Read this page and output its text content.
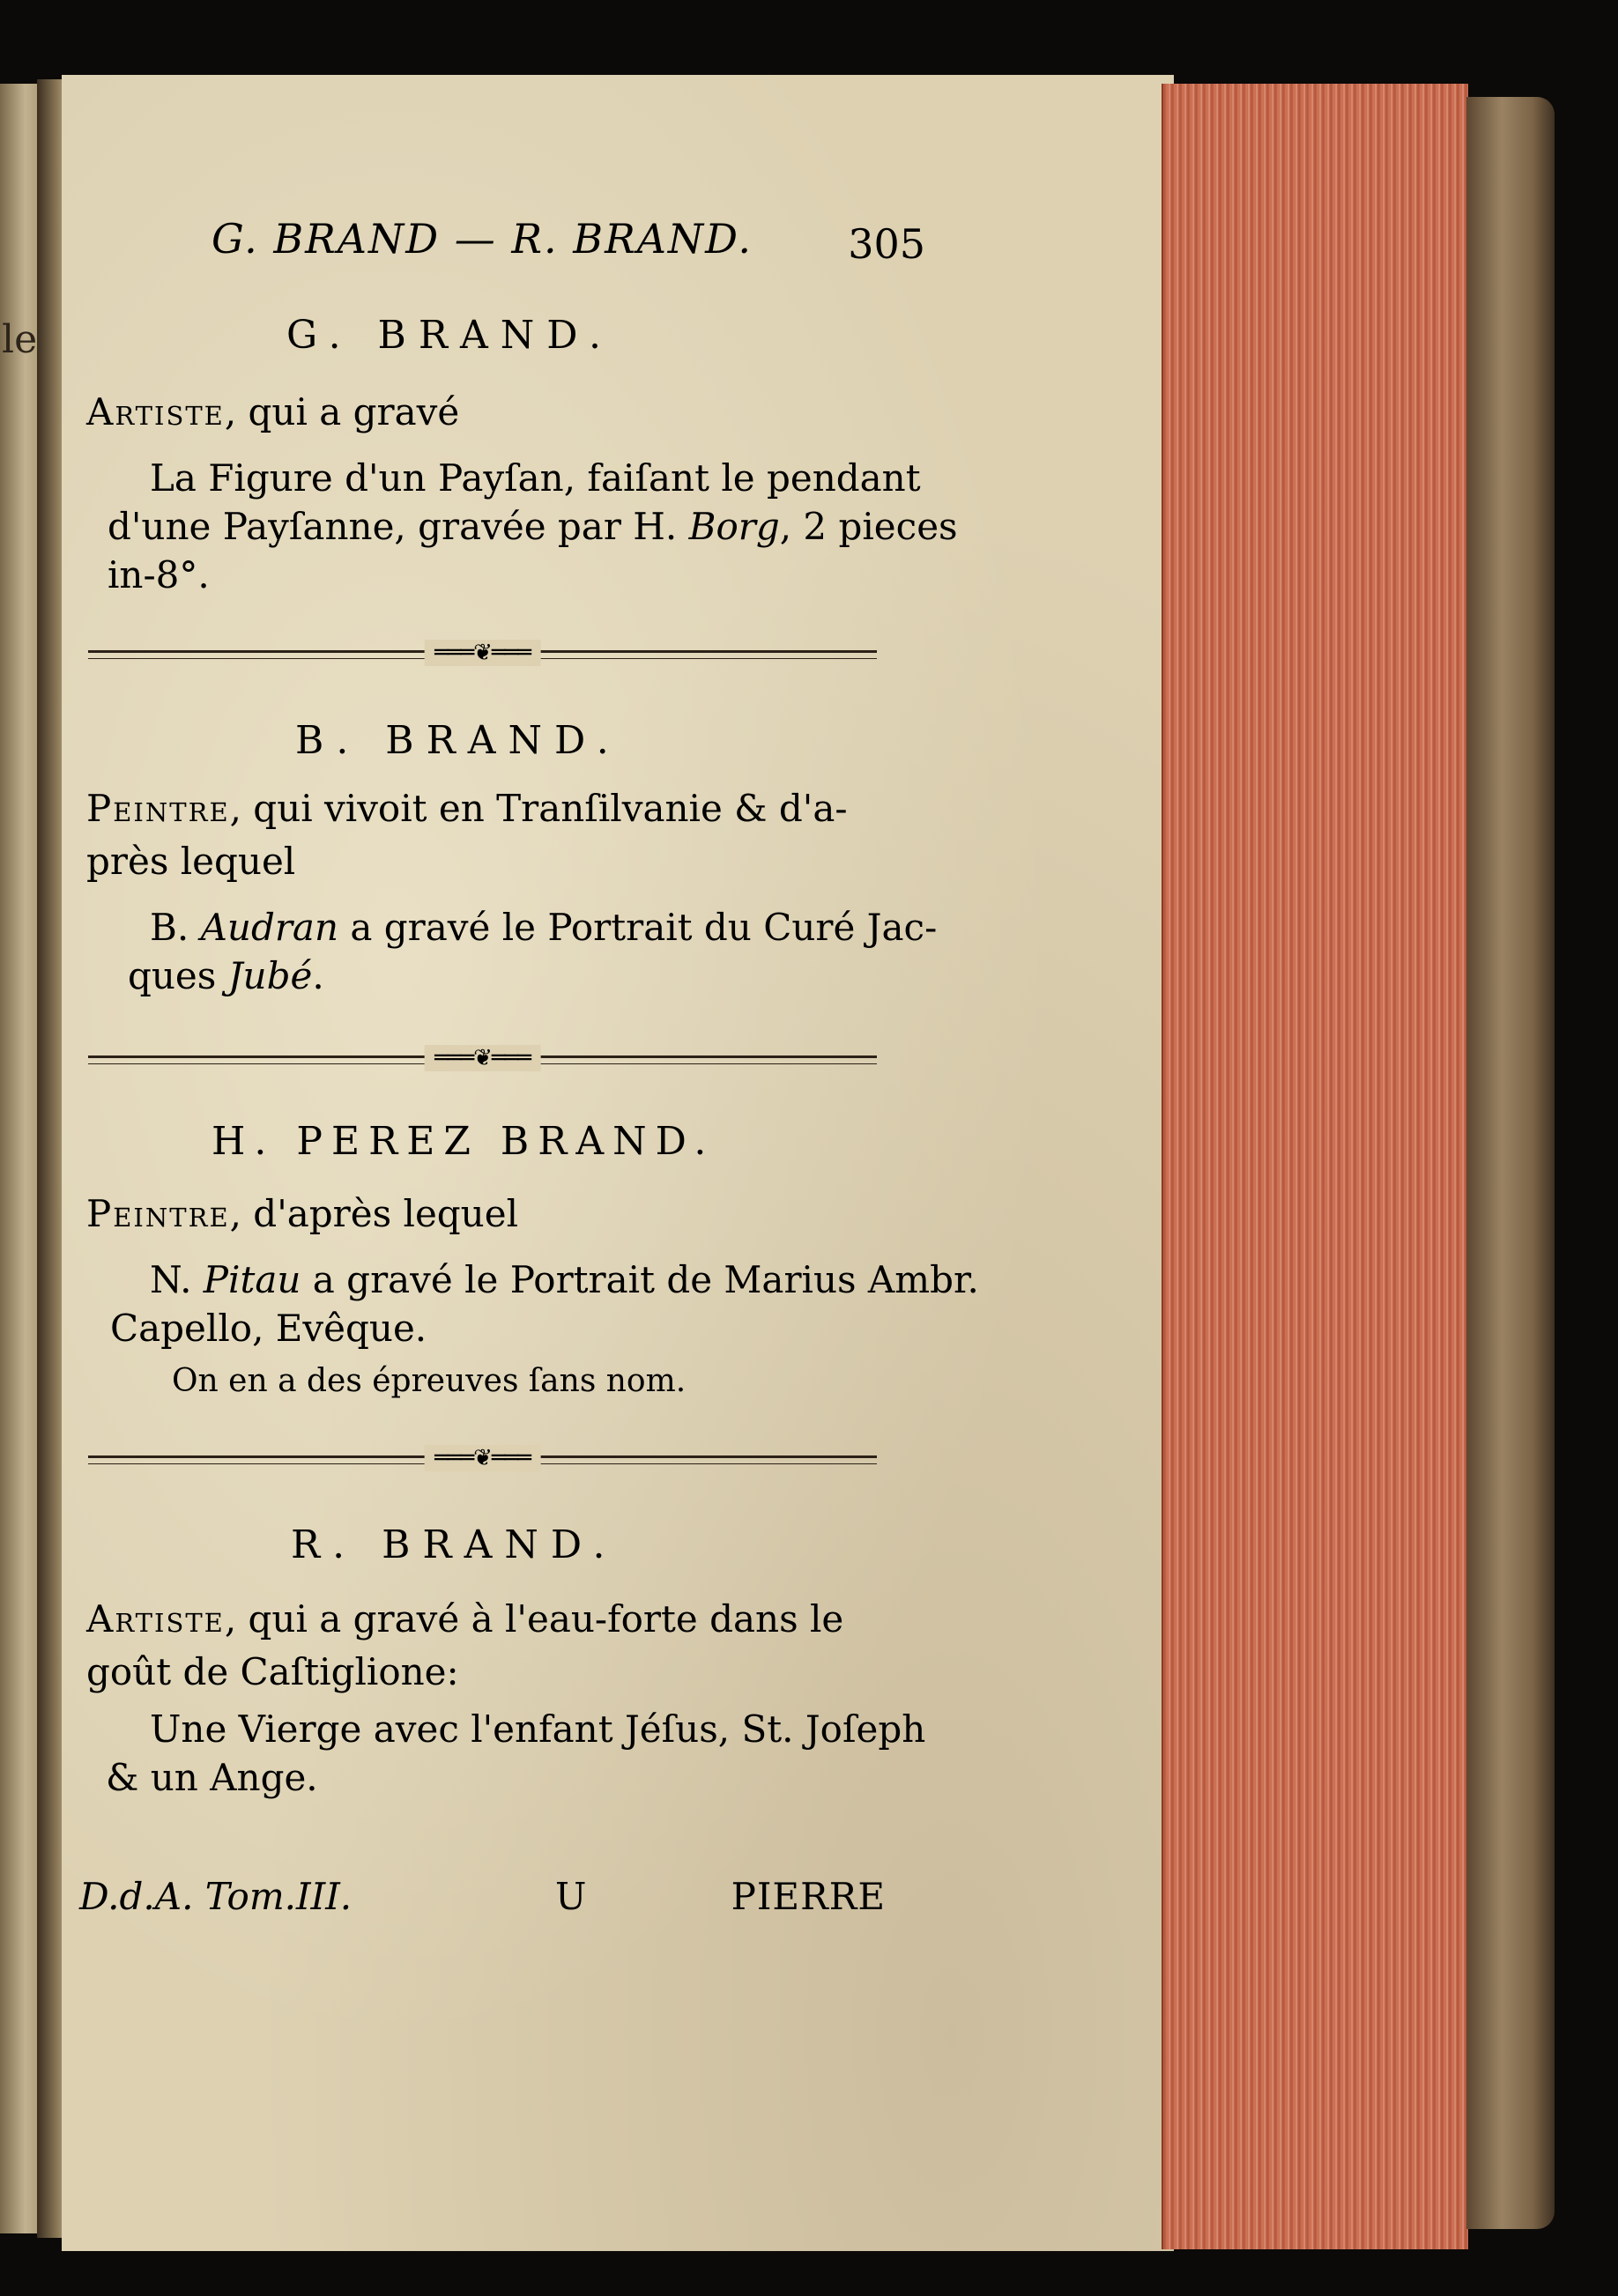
le
G. BRAND — R. BRAND. 305
G. BRAND.
Artiste, qui a gravé
La Figure d'un Payſan, faiſant le pendant
d'une Payſanne, gravée par H. Borg, 2 pieces
in-8°.
═══❦═══
B. BRAND.
Peintre, qui vivoit en Tranſilvanie & d'a-
près lequel
B. Audran a gravé le Portrait du Curé Jac-
ques Jubé.
═══❦═══
H. PEREZ BRAND.
Peintre, d'après lequel
N. Pitau a gravé le Portrait de Marius Ambr.
Capello, Evêque.
On en a des épreuves ſans nom.
═══❦═══
R. BRAND.
Artiste, qui a gravé à l'eau-forte dans le
goût de Caſtiglione:
Une Vierge avec l'enfant Jéſus, St. Joſeph
& un Ange.
D.d.A. Tom.III.	U	PIERRE
